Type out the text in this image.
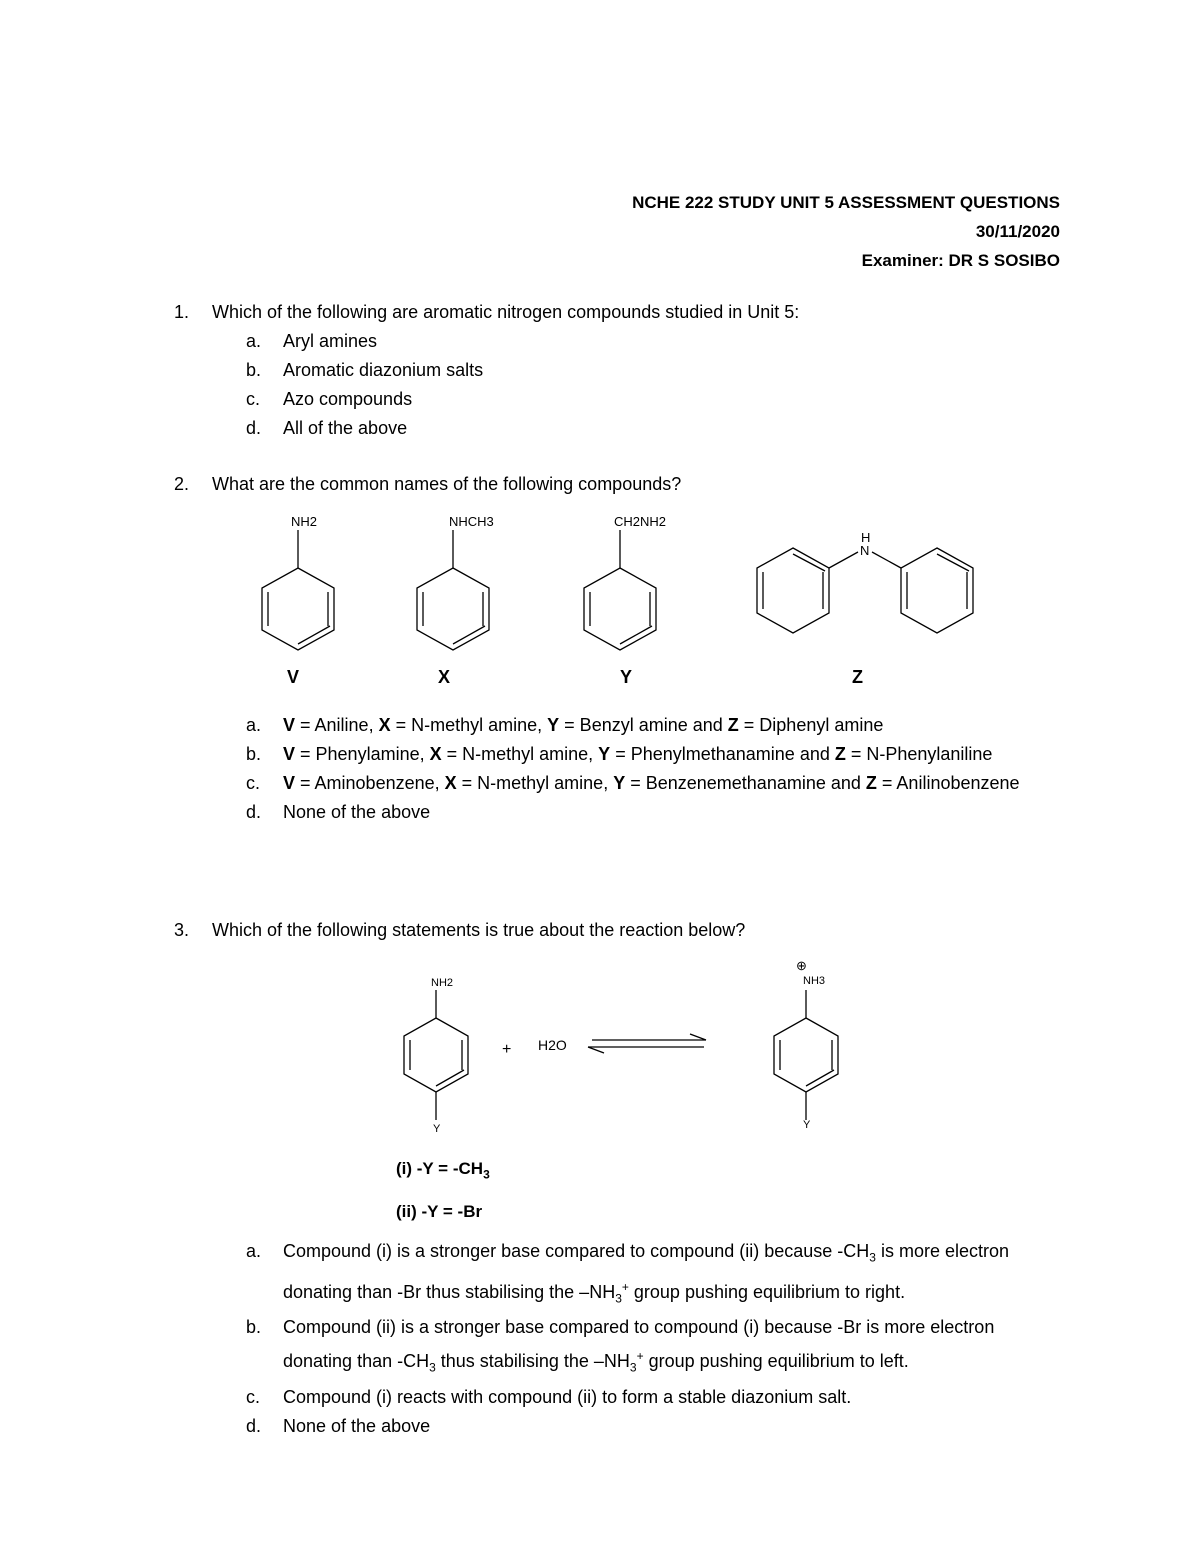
NCHE 222 STUDY UNIT 5 ASSESSMENT QUESTIONS
30/11/2020
Examiner: DR S SOSIBO
1. Which of the following are aromatic nitrogen compounds studied in Unit 5:
a. Aryl amines
b. Aromatic diazonium salts
c. Azo compounds
d. All of the above
2. What are the common names of the following compounds?
NH2	NHCH3	CH2NH2
H
N
V	X	Y	Z
a. V = Aniline, X = N-methyl amine, Y = Benzyl amine and Z = Diphenyl amine
b. V = Phenylamine, X = N-methyl amine, Y = Phenylmethanamine and Z = N-Phenylaniline
c. V = Aminobenzene, X = N-methyl amine, Y = Benzenemethanamine and Z = Anilinobenzene
d. None of the above
3. Which of the following statements is true about the reaction below?
NH2
Y
NH3
Y
⊕
+ H2O
(i) $-Y = -CH_3$
(ii) -Y = -Br
a. Compound (i) is a stronger base compared to compound (ii) because $-CH_3$ is more electron donating than -Br thus stabilising the $-NH_3^+$ group pushing equilibrium to right.
b. Compound (ii) is a stronger base compared to compound (i) because -Br is more electron donating than $-CH_3$ thus stabilising the $-NH_3^+$ group pushing equilibrium to left.
c. Compound (i) reacts with compound (ii) to form a stable diazonium salt.
d. None of the above
